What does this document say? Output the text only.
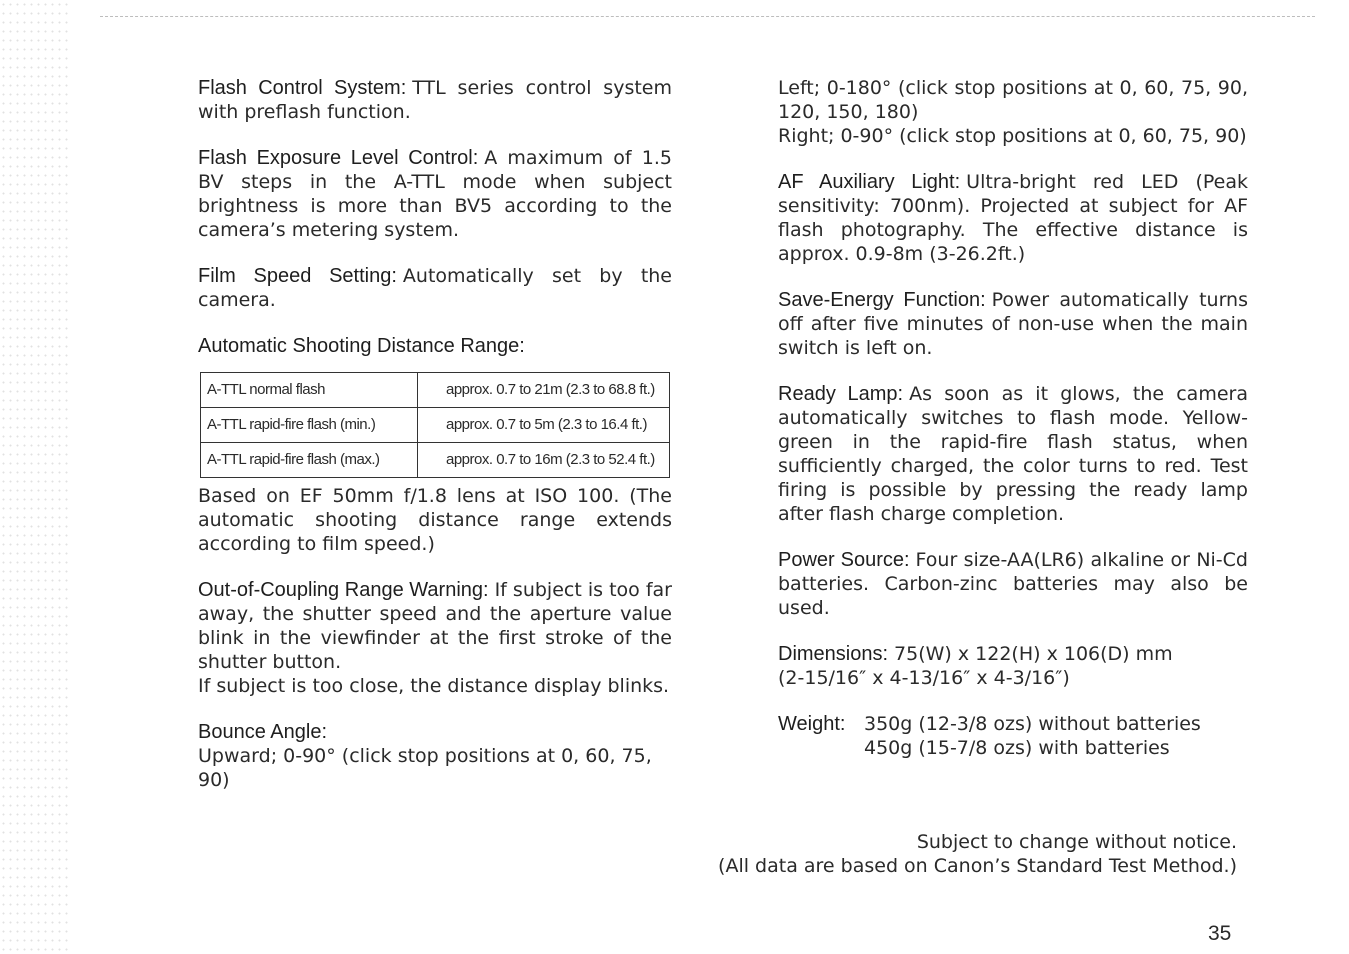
Flash Control System: TTL series control system with preflash function.
Flash Exposure Level Control: A maximum of 1.5 BV steps in the A-TTL mode when subject brightness is more than BV5 according to the camera’s metering system.
Film Speed Setting: Automatically set by the camera.
Automatic Shooting Distance Range:
A-TTL normal flash	approx. 0.7 to 21m (2.3 to 68.8 ft.)
A-TTL rapid-fire flash (min.)	approx. 0.7 to 5m (2.3 to 16.4 ft.)
A-TTL rapid-fire flash (max.)	approx. 0.7 to 16m (2.3 to 52.4 ft.)
Based on EF 50mm f/1.8 lens at ISO 100. (The automatic shooting distance range extends according to film speed.)

Out-of-Coupling Range Warning: If subject is too far away, the shutter speed and the aperture value blink in the viewfinder at the first stroke of the shutter button.

If subject is too close, the distance display blinks.

Bounce Angle:

Upward; 0-90° (click stop positions at 0, 60, 75, 90)

Left; 0-180° (click stop positions at 0, 60, 75, 90, 120, 150, 180)

Right; 0-90° (click stop positions at 0, 60, 75, 90)

AF Auxiliary Light: Ultra-bright red LED (Peak sensitivity: 700nm). Projected at subject for AF flash photography. The effective distance is approx. 0.9-8m (3-26.2ft.)
Save-Energy Function: Power automatically turns off after five minutes of non-use when the main switch is left on.
Ready Lamp: As soon as it glows, the camera automatically switches to flash mode. Yellow-green in the rapid-fire flash status, when sufficiently charged, the color turns to red. Test firing is possible by pressing the ready lamp after flash charge completion.
Power Source: Four size-AA(LR6) alkaline or Ni-Cd batteries. Carbon-zinc batteries may also be used.

Dimensions: 75(W) x 122(H) x 106(D) mm

(2-15/16″ x 4-13/16″ x 4-3/16″)

Weight: 350g (12-3/8 ozs) without batteries
450g (15-7/8 ozs) with batteries
Subject to change without notice.
(All data are based on Canon’s Standard Test Method.)
35
